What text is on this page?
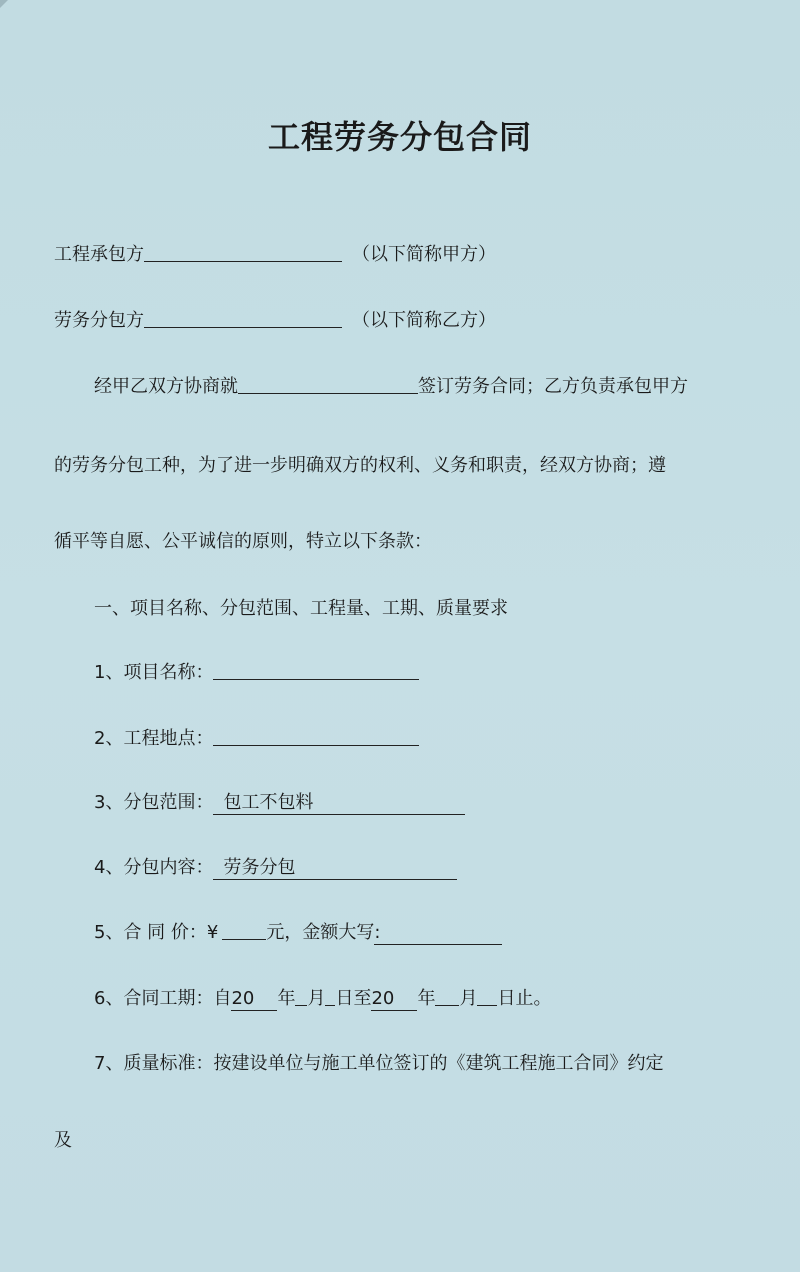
工程劳务分包合同
工程承包方	（以下简称甲方）
劳务分包方	（以下简称乙方）
经甲乙双方协商就	签订劳务合同；乙方负责承包甲方
的劳务分包工种，为了进一步明确双方的权利、义务和职责，经双方协商；遵
循平等自愿、公平诚信的原则，特立以下条款：
一、项目名称、分包范围、工程量、工期、质量要求
1、项目名称：
2、工程地点：
3、分包范围： 包工不包料
4、分包内容： 劳务分包
5、合 同 价：¥	元，金额大写:
6、合同工期：自20 年 月 日至20 年 月 日止。
7、质量标准：按建设单位与施工单位签订的《建筑工程施工合同》约定
及
